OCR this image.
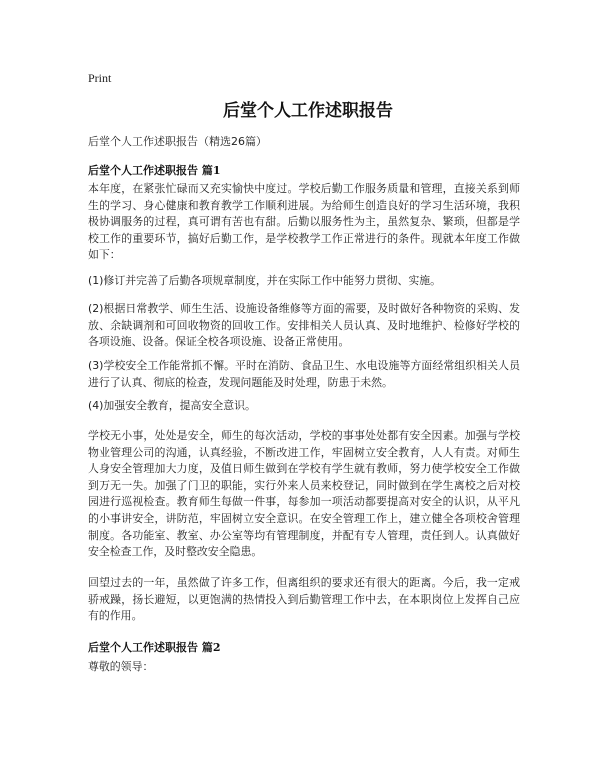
Print
后堂个人工作述职报告
后堂个人工作述职报告（精选26篇）
后堂个人工作述职报告 篇1

本年度，在紧张忙碌而又充实愉快中度过。学校后勤工作服务质量和管理，直接关系到师生的学习、身心健康和教育教学工作顺利进展。为给师生创造良好的学习生活环境，我积极协调服务的过程，真可谓有苦也有甜。后勤以服务性为主，虽然复杂、繁琐，但都是学校工作的重要环节，搞好后勤工作，是学校教学工作正常进行的条件。现就本年度工作做如下：

(1)修订并完善了后勤各项规章制度，并在实际工作中能努力贯彻、实施。

(2)根据日常教学、师生生活、设施设备维修等方面的需要，及时做好各种物资的采购、发放、余缺调剂和可回收物资的回收工作。安排相关人员认真、及时地维护、检修好学校的各项设施、设备。保证全校各项设施、设备正常使用。

(3)学校安全工作能常抓不懈。平时在消防、食品卫生、水电设施等方面经常组织相关人员进行了认真、彻底的检查，发现问题能及时处理，防患于未然。

(4)加强安全教育，提高安全意识。

学校无小事，处处是安全，师生的每次活动，学校的事事处处都有安全因素。加强与学校物业管理公司的沟通，认真经验，不断改进工作，牢固树立安全教育，人人有责。对师生人身安全管理加大力度，及值日师生做到在学校有学生就有教师，努力使学校安全工作做到万无一失。加强了门卫的职能，实行外来人员来校登记，同时做到在学生离校之后对校园进行巡视检查。教育师生每做一件事，每参加一项活动都要提高对安全的认识，从平凡的小事讲安全，讲防范，牢固树立安全意识。在安全管理工作上，建立健全各项校舍管理制度。各功能室、教室、办公室等均有管理制度，并配有专人管理，责任到人。认真做好安全检查工作，及时整改安全隐患。

回望过去的一年，虽然做了许多工作，但离组织的要求还有很大的距离。今后，我一定戒骄戒躁，扬长避短，以更饱满的热情投入到后勤管理工作中去，在本职岗位上发挥自己应有的作用。

后堂个人工作述职报告 篇2

尊敬的领导：
